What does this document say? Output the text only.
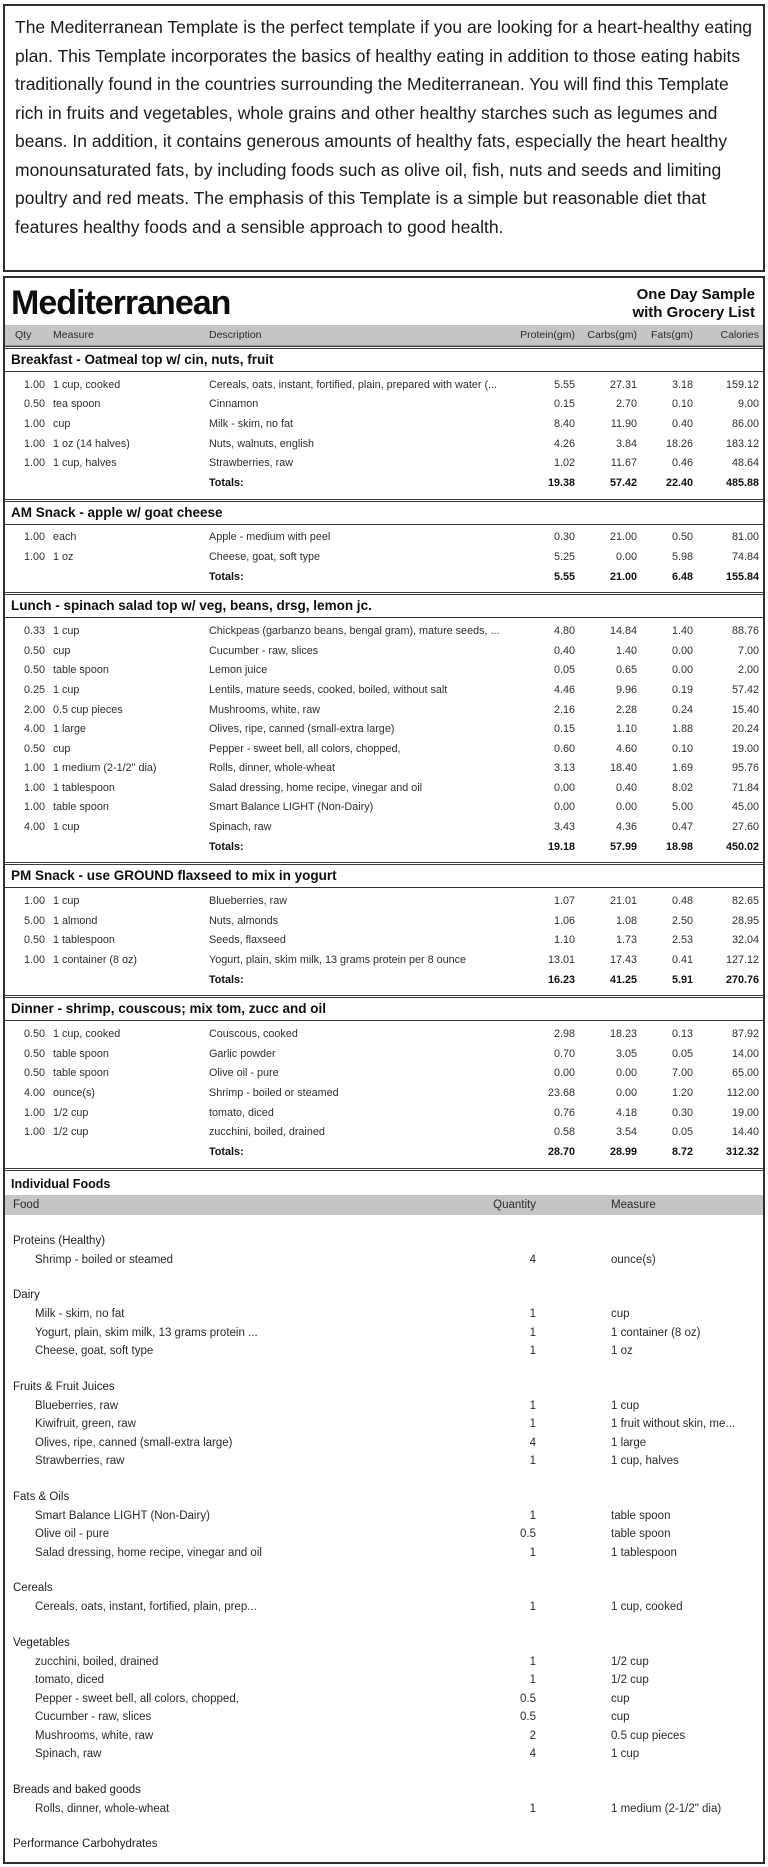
The Mediterranean Template is the perfect template if you are looking for a heart-healthy eating plan. This Template incorporates the basics of healthy eating in addition to those eating habits traditionally found in the countries surrounding the Mediterranean. You will find this Template rich in fruits and vegetables, whole grains and other healthy starches such as legumes and beans. In addition, it contains generous amounts of healthy fats, especially the heart healthy monounsaturated fats, by including foods such as olive oil, fish, nuts and seeds and limiting poultry and red meats. The emphasis of this Template is a simple but reasonable diet that features healthy foods and a sensible approach to good health.

Mediterranean	One Day Sample
with Grocery List
Qty	Measure	Description	Protein(gm)	Carbs(gm)	Fats(gm)	Calories
Breakfast - Oatmeal top w/ cin, nuts, fruit
1.00 1 cup, cooked	Cereals, oats, instant, fortified, plain, prepared with water (...	5.55	27.31	3.18	159.12
0.50 tea spoon	Cinnamon	0.15	2.70	0.10	9.00
1.00 cup	Milk - skim, no fat	8.40	11.90	0.40	86.00
1.00 1 oz (14 halves)	Nuts, walnuts, english	4.26	3.84	18.26	183.12
1.00 1 cup, halves	Strawberries, raw	1.02	11.67	0.46	48.64
Totals:	19.38	57.42	22.40	485.88
AM Snack - apple w/ goat cheese
1.00 each	Apple - medium with peel	0.30	21.00	0.50	81.00
1.00 1 oz	Cheese, goat, soft type	5.25	0.00	5.98	74.84
Totals:	5.55	21.00	6.48	155.84
Lunch - spinach salad top w/ veg, beans, drsg, lemon jc.
0.33 1 cup	Chickpeas (garbanzo beans, bengal gram), mature seeds, ...	4.80	14.84	1.40	88.76
0.50 cup	Cucumber - raw, slices	0.40	1.40	0.00	7.00
0.50 table spoon	Lemon juice	0.05	0.65	0.00	2.00
0.25 1 cup	Lentils, mature seeds, cooked, boiled, without salt	4.46	9.96	0.19	57.42
2.00 0.5 cup pieces	Mushrooms, white, raw	2.16	2.28	0.24	15.40
4.00 1 large	Olives, ripe, canned (small-extra large)	0.15	1.10	1.88	20.24
0.50 cup	Pepper - sweet bell, all colors, chopped,	0.60	4.60	0.10	19.00
1.00 1 medium (2-1/2" dia)	Rolls, dinner, whole-wheat	3.13	18.40	1.69	95.76
1.00 1 tablespoon	Salad dressing, home recipe, vinegar and oil	0.00	0.40	8.02	71.84
1.00 table spoon	Smart Balance LIGHT (Non-Dairy)	0.00	0.00	5.00	45.00
4.00 1 cup	Spinach, raw	3.43	4.36	0.47	27.60
Totals:	19.18	57.99	18.98	450.02
PM Snack - use GROUND flaxseed to mix in yogurt
1.00 1 cup	Blueberries, raw	1.07	21.01	0.48	82.65
5.00 1 almond	Nuts, almonds	1.06	1.08	2.50	28.95
0.50 1 tablespoon	Seeds, flaxseed	1.10	1.73	2.53	32.04
1.00 1 container (8 oz)	Yogurt, plain, skim milk, 13 grams protein per 8 ounce	13.01	17.43	0.41	127.12
Totals:	16.23	41.25	5.91	270.76
Dinner - shrimp, couscous; mix tom, zucc and oil
0.50 1 cup, cooked	Couscous, cooked	2.98	18.23	0.13	87.92
0.50 table spoon	Garlic powder	0.70	3.05	0.05	14.00
0.50 table spoon	Olive oil - pure	0.00	0.00	7.00	65.00
4.00 ounce(s)	Shrimp - boiled or steamed	23.68	0.00	1.20	112.00
1.00 1/2 cup	tomato, diced	0.76	4.18	0.30	19.00
1.00 1/2 cup	zucchini, boiled, drained	0.58	3.54	0.05	14.40
Totals:	28.70	28.99	8.72	312.32
Individual Foods
Food	Quantity	Measure
Proteins (Healthy)
Shrimp - boiled or steamed	4	ounce(s)
Dairy
Milk - skim, no fat	1	cup
Yogurt, plain, skim milk, 13 grams protein ...	1	1 container (8 oz)
Cheese, goat, soft type	1	1 oz
Fruits & Fruit Juices
Blueberries, raw	1	1 cup
Kiwifruit, green, raw	1	1 fruit without skin, me...
Olives, ripe, canned (small-extra large)	4	1 large
Strawberries, raw	1	1 cup, halves
Fats & Oils
Smart Balance LIGHT (Non-Dairy)	1	table spoon
Olive oil - pure	0.5	table spoon
Salad dressing, home recipe, vinegar and oil	1	1 tablespoon
Cereals
Cereals, oats, instant, fortified, plain, prep...	1	1 cup, cooked
Vegetables
zucchini, boiled, drained	1	1/2 cup
tomato, diced	1	1/2 cup
Pepper - sweet bell, all colors, chopped,	0.5	cup
Cucumber - raw, slices	0.5	cup
Mushrooms, white, raw	2	0.5 cup pieces
Spinach, raw	4	1 cup
Breads and baked goods
Rolls, dinner, whole-wheat	1	1 medium (2-1/2" dia)
Performance Carbohydrates
